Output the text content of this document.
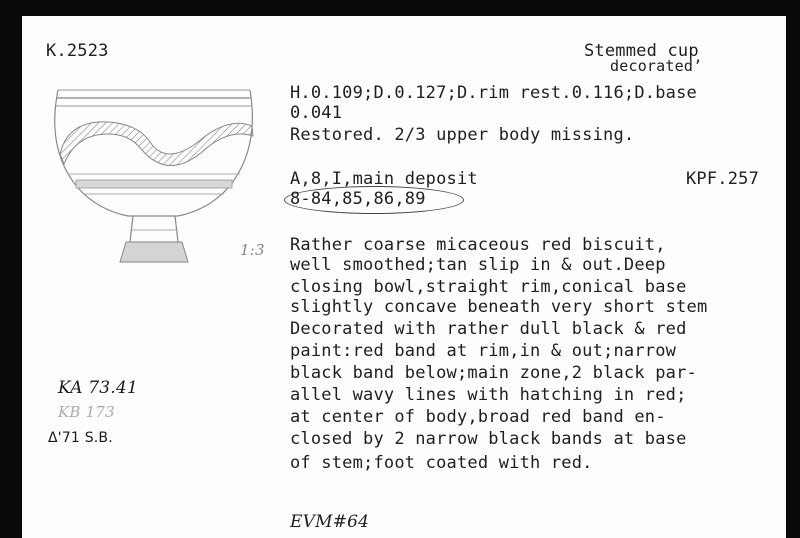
K.2523	Stemmed cup
decorated’
H.0.109;D.0.127;D.rim rest.0.116;D.base
0.041
Restored. 2/3 upper body missing.
A,8,I,main deposit	KPF.257
8-84,85,86,89
1:3 Rather coarse micaceous red biscuit,
well smoothed;tan slip in & out.Deep
closing bowl,straight rim,conical base
slightly concave beneath very short stem
Decorated with rather dull black & red
paint:red band at rim,in & out;narrow
black band below;main zone,2 black par-
allel wavy lines with hatching in red;
at center of body,broad red band en-
closed by 2 narrow black bands at base
of stem;foot coated with red.
EVM#64
KA 73.41
KB 173
Δ'71 S.B.
